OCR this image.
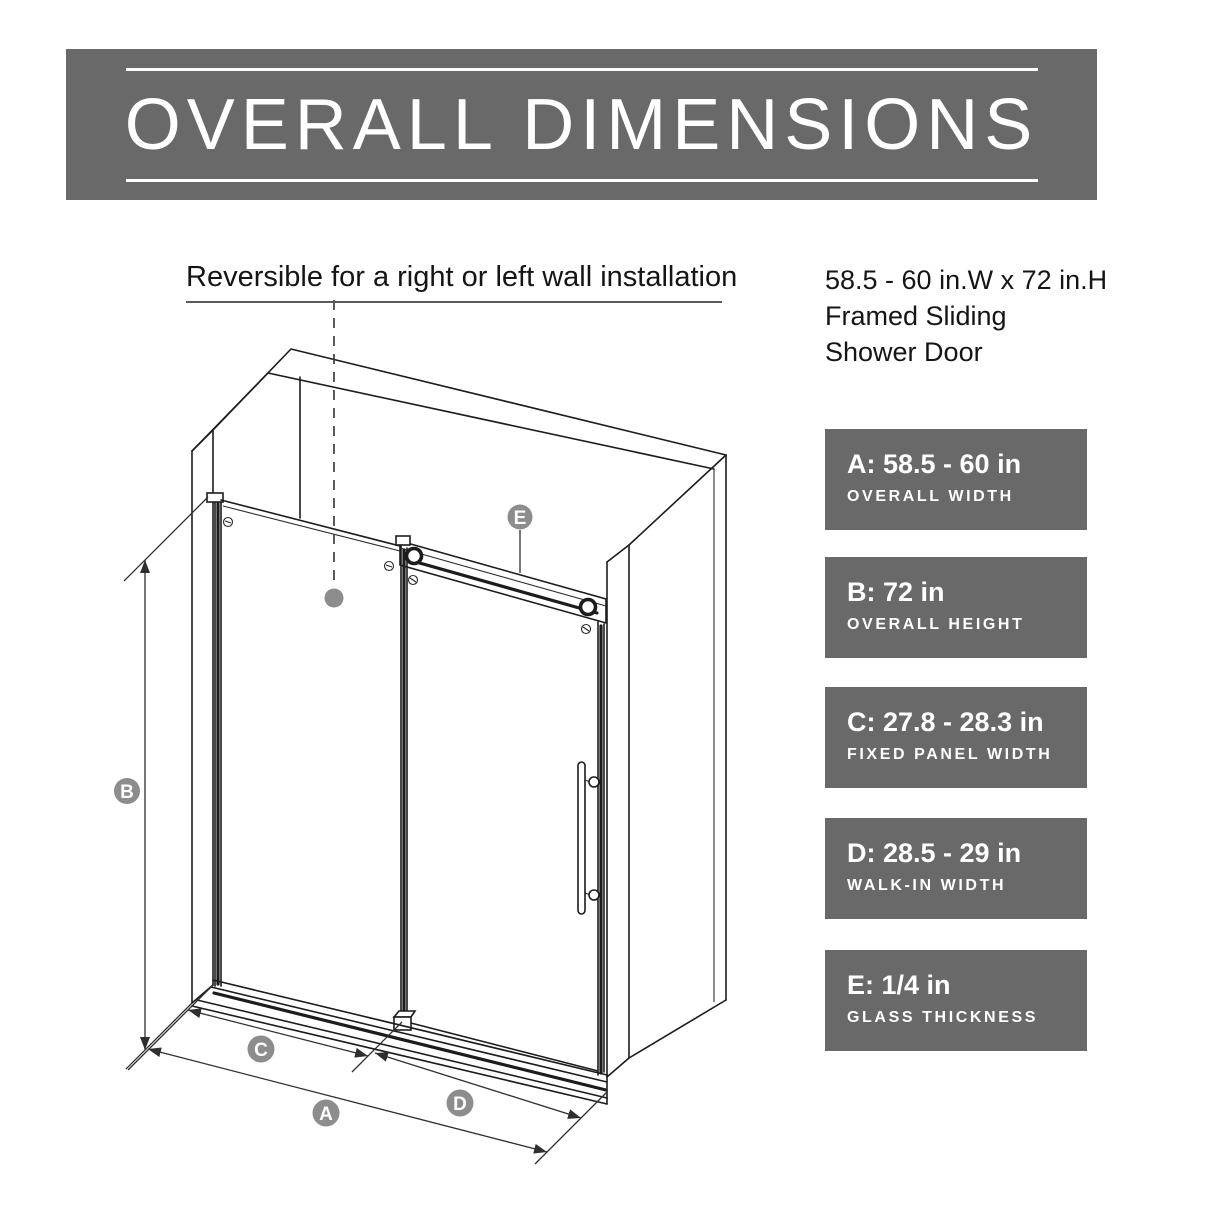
B
C
A	D
E
OVERALL DIMENSIONS
Reversible for a right or left wall installation	58.5 - 60 in.W x 72 in.H
Framed Sliding
Shower Door
A: 58.5 - 60 in
OVERALL WIDTH
B: 72 in
OVERALL HEIGHT
C: 27.8 - 28.3 in
FIXED PANEL WIDTH
D: 28.5 - 29 in
WALK-IN WIDTH
E: 1/4 in
GLASS THICKNESS
